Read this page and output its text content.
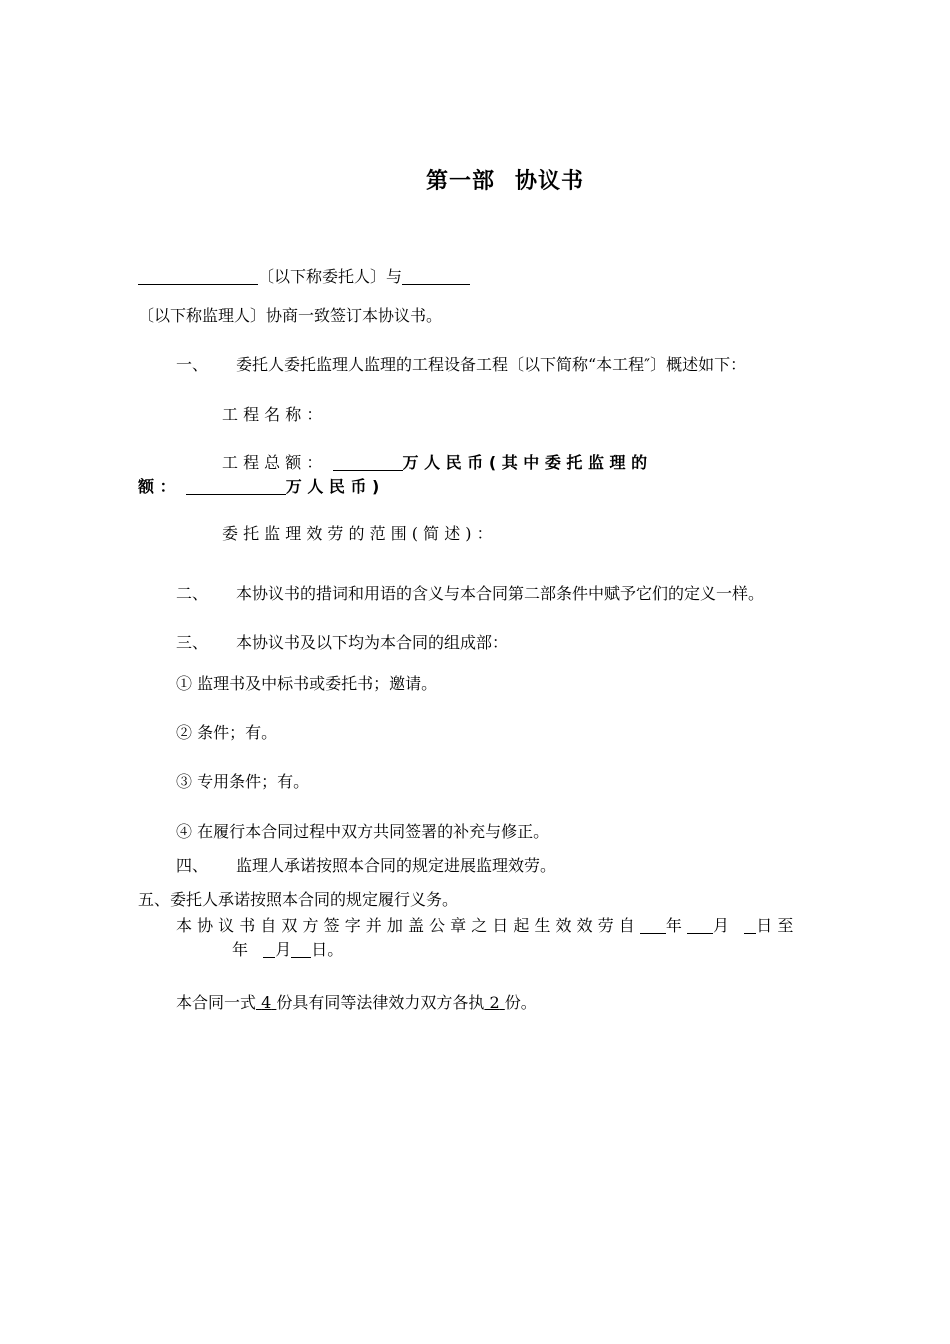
第一部 协议书
〔以下称委托人〕与
〔以下称监理人〕协商一致签订本协议书。
一、 委托人委托监理人监理的工程设备工程〔以下简称“本工程″〕概述如下：
工 程 名 称 ：
工 程 总 额 ：	万 人 民 币 ( 其 中 委 托 监 理 的
额 ：	万 人 民 币 )
委 托 监 理 效 劳 的 范 围 ( 简 述 ) ：
二、 本协议书的措词和用语的含义与本合同第二部条件中赋予它们的定义一样。
三、 本协议书及以下均为本合同的组成部：
① 监理书及中标书或委托书；邀请。
② 条件；有。
③ 专用条件；有。
④ 在履行本合同过程中双方共同签署的补充与修正。
四、 监理人承诺按照本合同的规定进展监理效劳。
五、委托人承诺按照本合同的规定履行义务。
本 协 议 书 自 双 方 签 字 并 加 盖 公 章 之 日 起 生 效 效 劳 自 年 月 日 至
年 月 日。
本合同一式 4 份具有同等法律效力双方各执 2 份。
